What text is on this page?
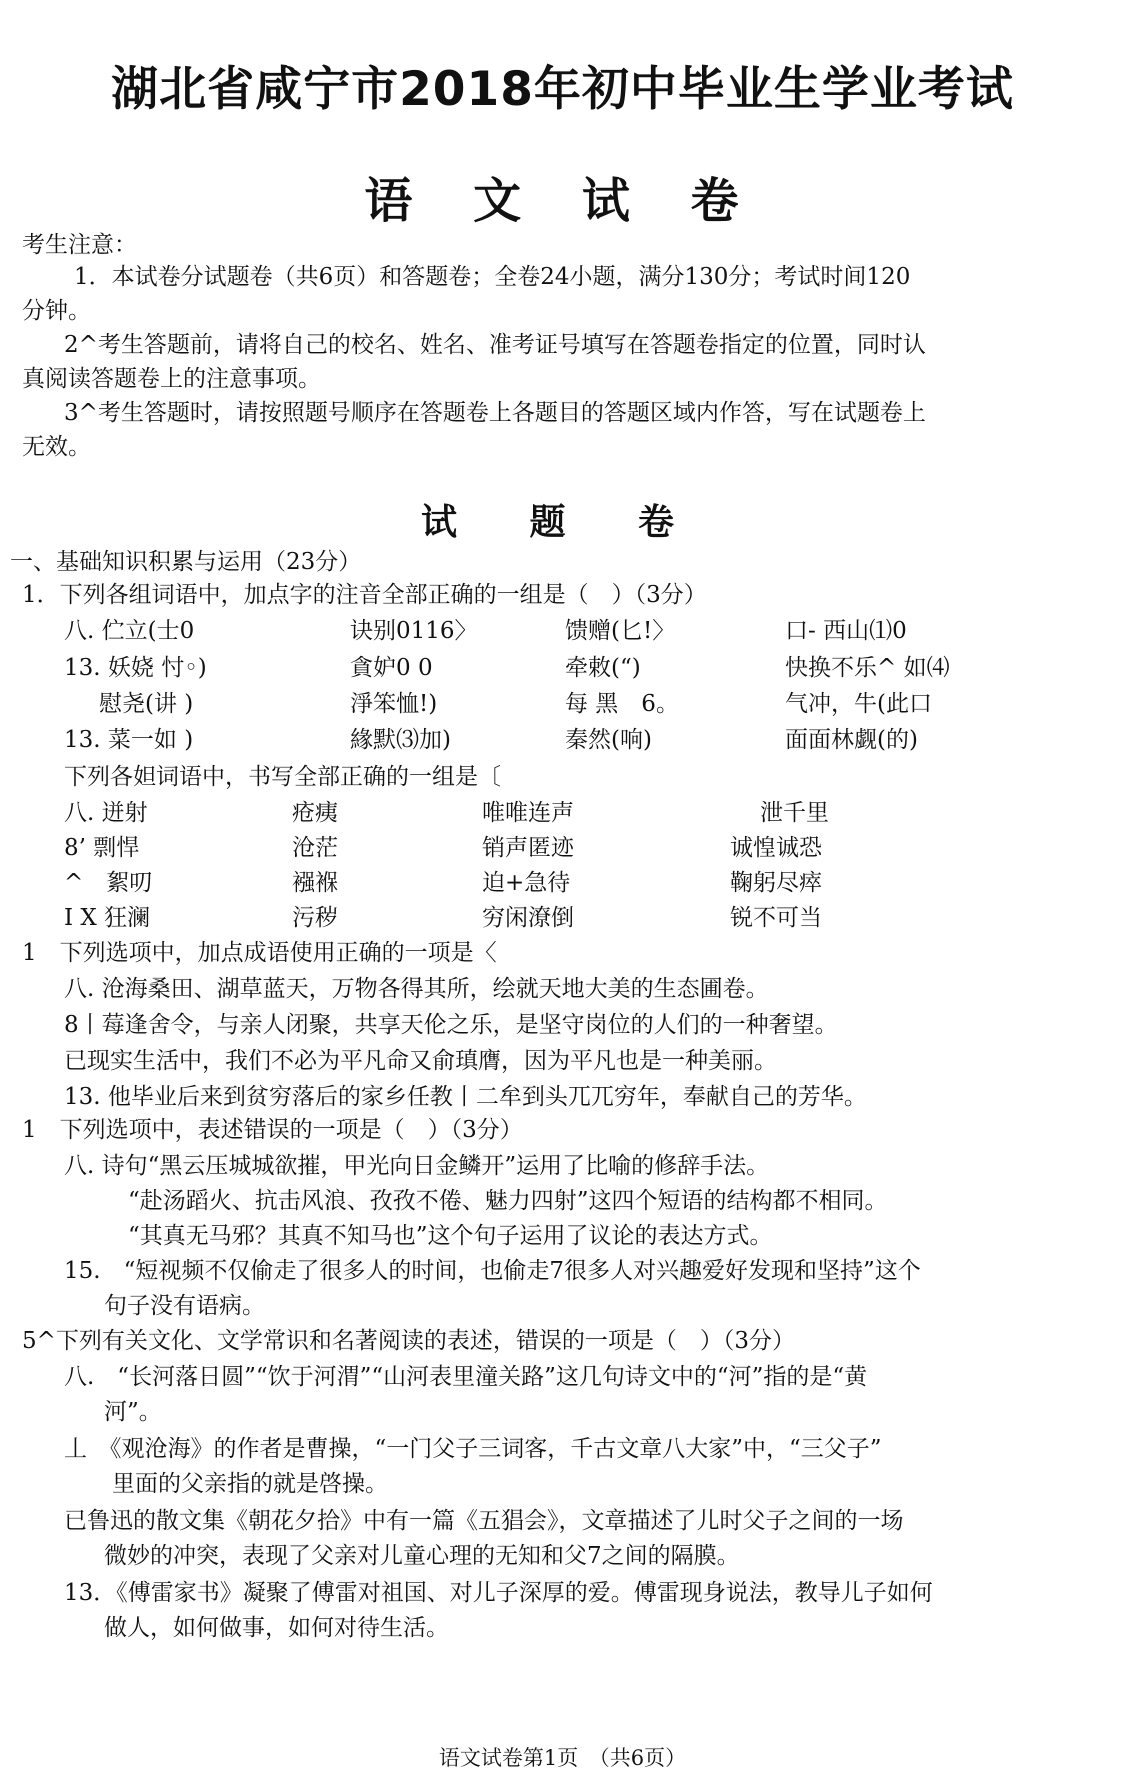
湖北省咸宁市2018年初中毕业生学业考试
语 文 试 卷
考生注意：
1．本试卷分试题卷（共6页）和答题卷；全卷24小题，满分130分；考试时间120
分钟。
2^考生答题前，请将自己的校名、姓名、准考证号填写在答题卷指定的位置，同时认
真阅读答题卷上的注意事项。
3^考生答题时，请按照题号顺序在答题卷上各题目的答题区域内作答，写在试题卷上
无效。
试 题 卷
一、基础知识积累与运用（23分）
1．下列各组词语中，加点字的注音全部正确的一组是（　）（3分）
八. 伫立(士0	诀别0116〉	馈赠(匕!〉	口- 西山⑴0
13. 妖娆 忖◦)	貪妒0 0	牵敕(“)	快换不乐^ 如⑷
　慰尧(讲 )	淨笨恤!)	每 黑　6。	气冲，牛(此口
13. 菜一如 )	緣默⑶加)	秦然(响)	面面林觑(的)
下列各妲词语中，书写全部正确的一组是〔
八. 迸射	疮痍	唯唯连声	泄千里
8’ 剽悍	沧茫	销声匿迹	诚惶诚恐
^　絮叨	襁褓	迫+急待	鞠躬尽瘁
I X 狂澜	污秽	穷闲潦倒	锐不可当
1　下列选项中，加点成语使用正确的一项是〈
八. 沧海桑田、湖草蓝天，万物各得其所，绘就天地大美的生态圃卷。
8丨莓逢舍令，与亲人闭聚，共享天伦之乐，是坚守岗位的人们的一种奢望。
已现实生活中，我们不必为平凡命又俞瑱膺，因为平凡也是一种美丽。
13. 他毕业后来到贫穷落后的家乡任教丨二牟到头兀兀穷年，奉献自己的芳华。
1　下列选项中，表述错误的一项是（　）（3分）
八. 诗句“黑云压城城欲摧，甲光向日金鳞开”运用了比喻的修辞手法。
“赴汤蹈火、抗击风浪、孜孜不倦、魅力四射”这四个短语的结构都不相同。
“其真无马邪？其真不知马也”这个句子运用了议论的表达方式。
15.　“短视频不仅偷走了很多人的时间，也偷走7很多人对兴趣爱好发现和坚持”这个
句子没有语病。
5^下列有关文化、文学常识和名著阅读的表述，错误的一项是（　）（3分）
八.　“长河落日圆”“饮于河渭”“山河表里潼关路”这几句诗文中的“河”指的是“黄
河”。
丄　《观沧海》的作者是曹操，“一门父子三词客，千古文章八大家”中，“三父子”
里面的父亲指的就是啓操。
已鲁迅的散文集《朝花夕拾》中有一篇《五猖会》，文章描述了儿时父子之间的一场
微妙的冲突，表现了父亲对儿童心理的无知和父7之间的隔膜。
13．《傅雷家书》凝聚了傅雷对祖国、对儿子深厚的爱。傅雷现身说法，教导儿子如何
做人，如何做事，如何对待生活。
语文试卷第1页　（共6页）
